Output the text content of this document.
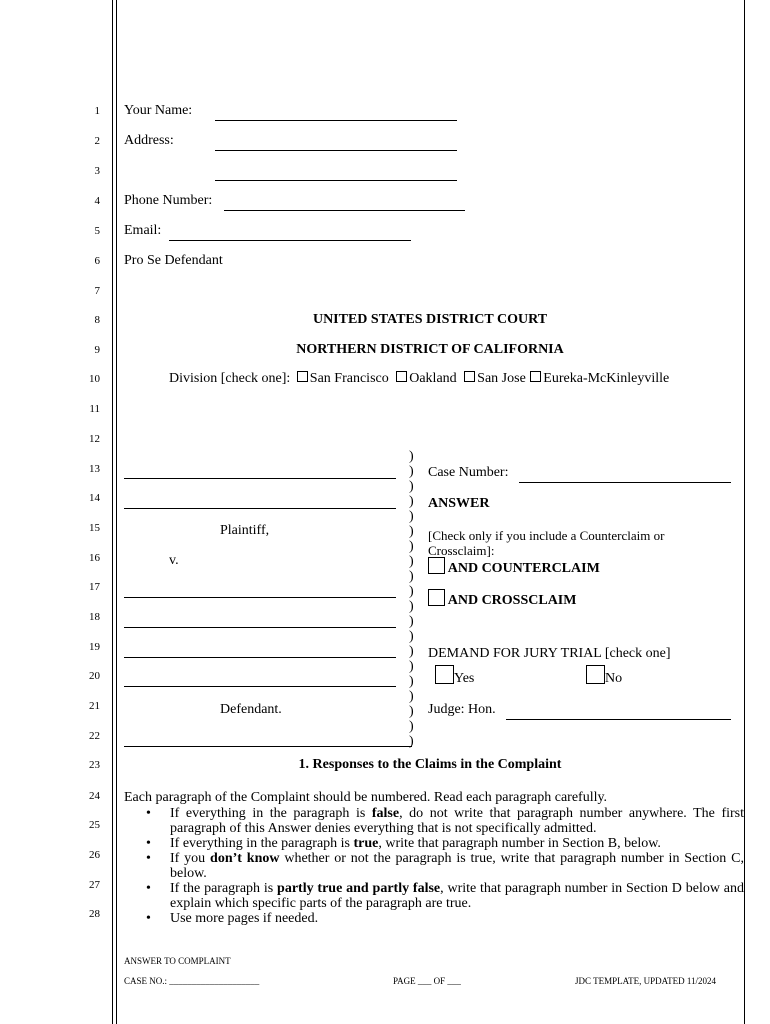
1
2
3
4
5
6
7
8
9
10
11
12
13
14
15
16
17
18
19
20
21
22
23
24
25
26
27
28
Your Name:
Address:
Phone Number:
Email:
Pro Se Defendant
UNITED STATES DISTRICT COURT
NORTHERN DISTRICT OF CALIFORNIA
Division [check one]: San Francisco Oakland San Jose Eureka-McKinleyville
Plaintiff,
v.
Defendant.
)
)
)
)
)
)
)
)
)
)
)
)
)
)
)
)
)
)
)
)
Case Number:
ANSWER
[Check only if you include a Counterclaim or
Crossclaim]:
AND COUNTERCLAIM
AND CROSSCLAIM
DEMAND FOR JURY TRIAL [check one]
Yes	No
Judge: Hon.
1. Responses to the Claims in the Complaint
Each paragraph of the Complaint should be numbered. Read each paragraph carefully.
• If everything in the paragraph is false, do not write that paragraph number anywhere. The first paragraph of this Answer denies everything that is not specifically admitted.
• If everything in the paragraph is true, write that paragraph number in Section B, below.
• If you don’t know whether or not the paragraph is true, write that paragraph number in Section C, below.
• If the paragraph is partly true and partly false, write that paragraph number in Section D below and explain which specific parts of the paragraph are true.
• Use more pages if needed.
ANSWER TO COMPLAINT
CASE NO.: ____________________	PAGE ___ OF ___	JDC TEMPLATE, UPDATED 11/2024
